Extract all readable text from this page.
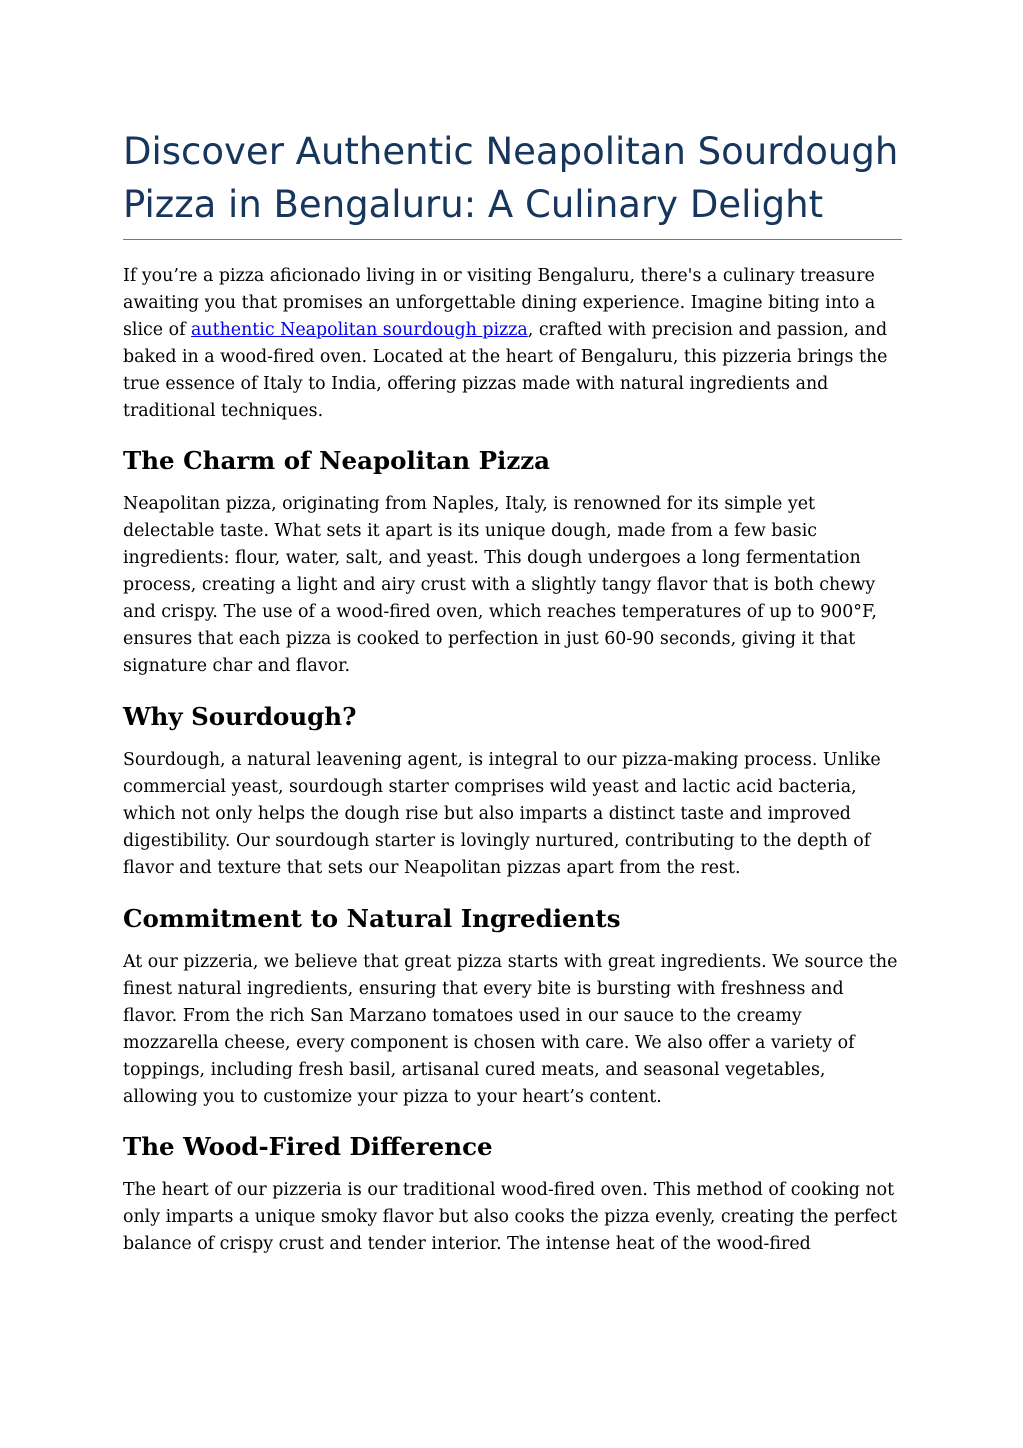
Discover Authentic Neapolitan Sourdough Pizza in Bengaluru: A Culinary Delight

If you’re a pizza aficionado living in or visiting Bengaluru, there's a culinary treasure awaiting you that promises an unforgettable dining experience. Imagine biting into a slice of authentic Neapolitan sourdough pizza, crafted with precision and passion, and baked in a wood-fired oven. Located at the heart of Bengaluru, this pizzeria brings the true essence of Italy to India, offering pizzas made with natural ingredients and traditional techniques.

The Charm of Neapolitan Pizza

Neapolitan pizza, originating from Naples, Italy, is renowned for its simple yet delectable taste. What sets it apart is its unique dough, made from a few basic ingredients: flour, water, salt, and yeast. This dough undergoes a long fermentation process, creating a light and airy crust with a slightly tangy flavor that is both chewy and crispy. The use of a wood-fired oven, which reaches temperatures of up to 900°F, ensures that each pizza is cooked to perfection in just 60-90 seconds, giving it that signature char and flavor.

Why Sourdough?

Sourdough, a natural leavening agent, is integral to our pizza-making process. Unlike commercial yeast, sourdough starter comprises wild yeast and lactic acid bacteria, which not only helps the dough rise but also imparts a distinct taste and improved digestibility. Our sourdough starter is lovingly nurtured, contributing to the depth of flavor and texture that sets our Neapolitan pizzas apart from the rest.

Commitment to Natural Ingredients

At our pizzeria, we believe that great pizza starts with great ingredients. We source the finest natural ingredients, ensuring that every bite is bursting with freshness and flavor. From the rich San Marzano tomatoes used in our sauce to the creamy mozzarella cheese, every component is chosen with care. We also offer a variety of toppings, including fresh basil, artisanal cured meats, and seasonal vegetables, allowing you to customize your pizza to your heart’s content.

The Wood-Fired Difference

The heart of our pizzeria is our traditional wood-fired oven. This method of cooking not only imparts a unique smoky flavor but also cooks the pizza evenly, creating the perfect balance of crispy crust and tender interior. The intense heat of the wood-fired
